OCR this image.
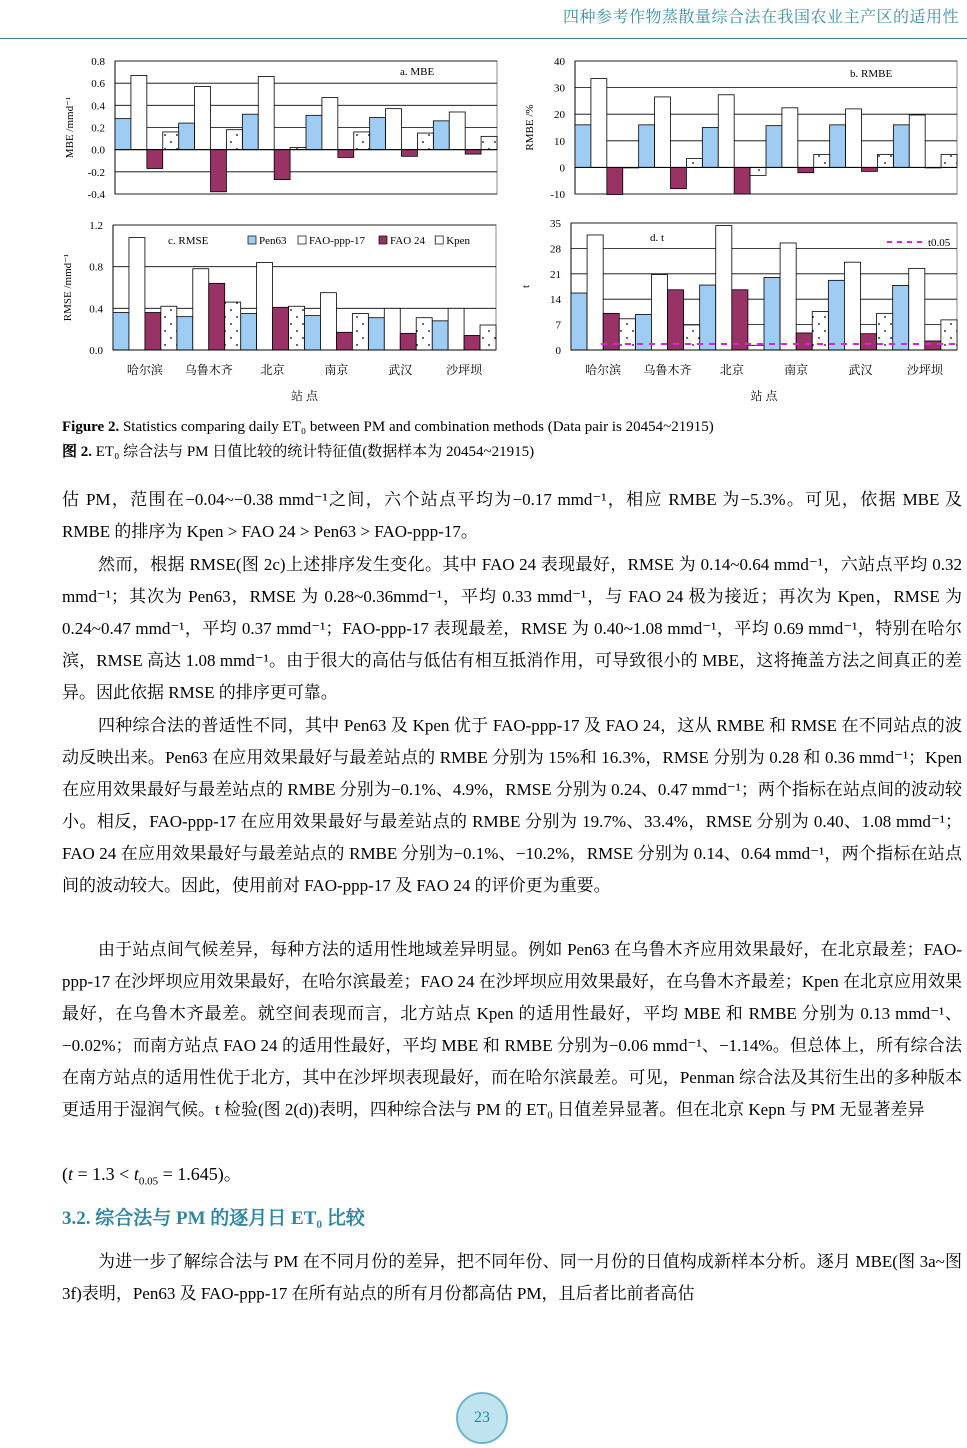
四种参考作物蒸散量综合法在我国农业主产区的适用性
-0.4
-0.2
0.0
0.2
0.4
0.6
0.8
MBE /mmd⁻¹
a. MBE
-10
0
10
20
30
40
RMBE /%
b. RMBE
0.0
0.4
0.8
1.2
RMSE /mmd⁻¹
c. RMSE
哈尔滨 乌鲁木齐 北京	南京	武汉	沙坪坝
站 点
Pen63 FAO-ppp-17 FAO 24 Kpen
0
7
14
21
28
35
t
d. t
哈尔滨 乌鲁木齐 北京	南京	武汉	沙坪坝
站 点
t0.05
Figure 2. Statistics comparing daily ET₀ between PM and combination methods (Data pair is 20454~21915)
图 2. ET₀ 综合法与 PM 日值比较的统计特征值(数据样本为 20454~21915)
估 PM，范围在−0.04~−0.38 mmd⁻¹之间，六个站点平均为−0.17 mmd⁻¹，相应 RMBE 为−5.3%。可见，依据 MBE 及 RMBE 的排序为 Kpen > FAO 24 > Pen63 > FAO-ppp-17。
然而，根据 RMSE(图 2c)上述排序发生变化。其中 FAO 24 表现最好，RMSE 为 0.14~0.64 mmd⁻¹，六站点平均 0.32 mmd⁻¹；其次为 Pen63，RMSE 为 0.28~0.36mmd⁻¹，平均 0.33 mmd⁻¹，与 FAO 24 极为接近；再次为 Kpen，RMSE 为 0.24~0.47 mmd⁻¹，平均 0.37 mmd⁻¹；FAO-ppp-17 表现最差，RMSE 为 0.40~1.08 mmd⁻¹，平均 0.69 mmd⁻¹，特别在哈尔滨，RMSE 高达 1.08 mmd⁻¹。由于很大的高估与低估有相互抵消作用，可导致很小的 MBE，这将掩盖方法之间真正的差异。因此依据 RMSE 的排序更可靠。
四种综合法的普适性不同，其中 Pen63 及 Kpen 优于 FAO-ppp-17 及 FAO 24，这从 RMBE 和 RMSE 在不同站点的波动反映出来。Pen63 在应用效果最好与最差站点的 RMBE 分别为 15%和 16.3%，RMSE 分别为 0.28 和 0.36 mmd⁻¹；Kpen 在应用效果最好与最差站点的 RMBE 分别为−0.1%、4.9%，RMSE 分别为 0.24、0.47 mmd⁻¹；两个指标在站点间的波动较小。相反，FAO-ppp-17 在应用效果最好与最差站点的 RMBE 分别为 19.7%、33.4%，RMSE 分别为 0.40、1.08 mmd⁻¹；FAO 24 在应用效果最好与最差站点的 RMBE 分别为−0.1%、−10.2%，RMSE 分别为 0.14、0.64 mmd⁻¹，两个指标在站点间的波动较大。因此，使用前对 FAO-ppp-17 及 FAO 24 的评价更为重要。
由于站点间气候差异，每种方法的适用性地域差异明显。例如 Pen63 在乌鲁木齐应用效果最好，在北京最差；FAO-ppp-17 在沙坪坝应用效果最好，在哈尔滨最差；FAO 24 在沙坪坝应用效果最好，在乌鲁木齐最差；Kpen 在北京应用效果最好，在乌鲁木齐最差。就空间表现而言，北方站点 Kpen 的适用性最好，平均 MBE 和 RMBE 分别为 0.13 mmd⁻¹、−0.02%；而南方站点 FAO 24 的适用性最好，平均 MBE 和 RMBE 分别为−0.06 mmd⁻¹、−1.14%。但总体上，所有综合法在南方站点的适用性优于北方，其中在沙坪坝表现最好，而在哈尔滨最差。可见，Penman 综合法及其衍生出的多种版本更适用于湿润气候。t 检验(图 2(d))表明，四种综合法与 PM 的 ET₀ 日值差异显著。但在北京 Kepn 与 PM 无显著差异
$(t = 1.3 < t_{0.05} = 1.645)$。
3.2. 综合法与 PM 的逐月日 ET₀ 比较
为进一步了解综合法与 PM 在不同月份的差异，把不同年份、同一月份的日值构成新样本分析。逐月 MBE(图 3a~图 3f)表明，Pen63 及 FAO-ppp-17 在所有站点的所有月份都高估 PM，且后者比前者高估
23
